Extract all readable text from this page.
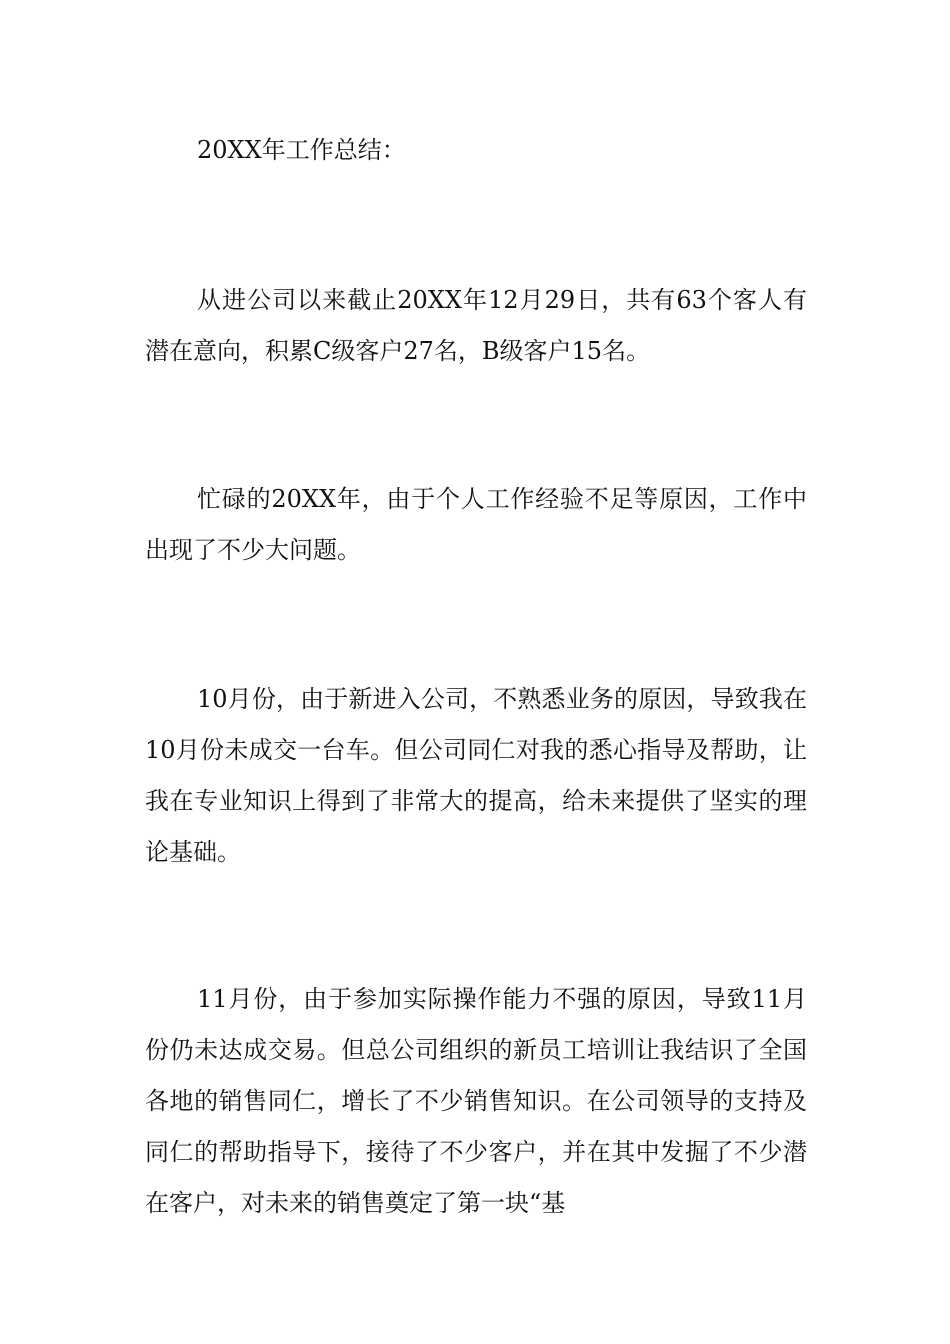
20XX年工作总结：

从进公司以来截止20XX年12月29日，共有63个客人有潜在意向，积累C级客户27名，B级客户15名。

忙碌的20XX年，由于个人工作经验不足等原因，工作中出现了不少大问题。

10月份，由于新进入公司，不熟悉业务的原因，导致我在10月份未成交一台车。但公司同仁对我的悉心指导及帮助，让我在专业知识上得到了非常大的提高，给未来提供了坚实的理论基础。

11月份，由于参加实际操作能力不强的原因，导致11月份仍未达成交易。但总公司组织的新员工培训让我结识了全国各地的销售同仁，增长了不少销售知识。在公司领导的支持及同仁的帮助指导下，接待了不少客户，并在其中发掘了不少潜在客户，对未来的销售奠定了第一块“基
